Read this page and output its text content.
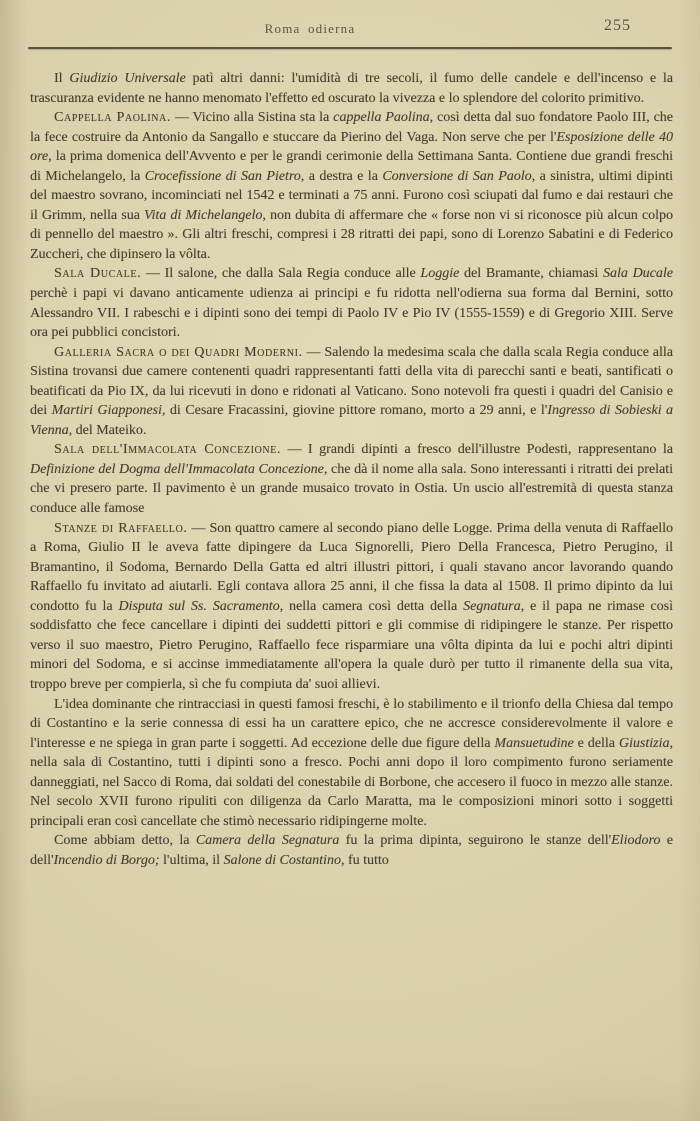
Roma odierna	255

Il Giudizio Universale patì altri danni: l'umidità di tre secoli, il fumo delle candele e dell'incenso e la trascuranza evidente ne hanno menomato l'effetto ed oscurato la vivezza e lo splendore del colorito primitivo.

Cappella Paolina. — Vicino alla Sistina sta la cappella Paolina, così detta dal suo fondatore Paolo III, che la fece costruire da Antonio da Sangallo e stuccare da Pierino del Vaga. Non serve che per l'Esposizione delle 40 ore, la prima domenica dell'Avvento e per le grandi cerimonie della Settimana Santa. Contiene due grandi freschi di Michelangelo, la Crocefissione di San Pietro, a destra e la Conversione di San Paolo, a sinistra, ultimi dipinti del maestro sovrano, incominciati nel 1542 e terminati a 75 anni. Furono così sciupati dal fumo e dai restauri che il Grimm, nella sua Vita di Michelangelo, non dubita di affermare che « forse non vi si riconosce più alcun colpo di pennello del maestro ». Gli altri freschi, compresi i 28 ritratti dei papi, sono di Lorenzo Sabatini e di Federico Zuccheri, che dipinsero la vôlta.

Sala Ducale. — Il salone, che dalla Sala Regia conduce alle Loggie del Bramante, chiamasi Sala Ducale perchè i papi vi davano anticamente udienza ai principi e fu ridotta nell'odierna sua forma dal Bernini, sotto Alessandro VII. I rabeschi e i dipinti sono dei tempi di Paolo IV e Pio IV (1555-1559) e di Gregorio XIII. Serve ora pei pubblici concistori.

Galleria Sacra o dei Quadri Moderni. — Salendo la medesima scala che dalla scala Regia conduce alla Sistina trovansi due camere contenenti quadri rappresentanti fatti della vita di parecchi santi e beati, santificati o beatificati da Pio IX, da lui ricevuti in dono e ridonati al Vaticano. Sono notevoli fra questi i quadri del Canisio e dei Martiri Giapponesi, di Cesare Fracassini, giovine pittore romano, morto a 29 anni, e l'Ingresso di Sobieski a Vienna, del Mateiko.

Sala dell'Immacolata Concezione. — I grandi dipinti a fresco dell'illustre Podesti, rappresentano la Definizione del Dogma dell'Immacolata Concezione, che dà il nome alla sala. Sono interessanti i ritratti dei prelati che vi presero parte. Il pavimento è un grande musaico trovato in Ostia. Un uscio all'estremità di questa stanza conduce alle famose

Stanze di Raffaello. — Son quattro camere al secondo piano delle Logge. Prima della venuta di Raffaello a Roma, Giulio II le aveva fatte dipingere da Luca Signorelli, Piero Della Francesca, Pietro Perugino, il Bramantino, il Sodoma, Bernardo Della Gatta ed altri illustri pittori, i quali stavano ancor lavorando quando Raffaello fu invitato ad aiutarli. Egli contava allora 25 anni, il che fissa la data al 1508. Il primo dipinto da lui condotto fu la Disputa sul Ss. Sacramento, nella camera così detta della Segnatura, e il papa ne rimase così soddisfatto che fece cancellare i dipinti dei suddetti pittori e gli commise di ridipingere le stanze. Per rispetto verso il suo maestro, Pietro Perugino, Raffaello fece risparmiare una vôlta dipinta da lui e pochi altri dipinti minori del Sodoma, e si accinse immediatamente all'opera la quale durò per tutto il rimanente della sua vita, troppo breve per compierla, sì che fu compiuta da' suoi allievi.

L'idea dominante che rintracciasi in questi famosi freschi, è lo stabilimento e il trionfo della Chiesa dal tempo di Costantino e la serie connessa di essi ha un carattere epico, che ne accresce considerevolmente il valore e l'interesse e ne spiega in gran parte i soggetti. Ad eccezione delle due figure della Mansuetudine e della Giustizia, nella sala di Costantino, tutti i dipinti sono a fresco. Pochi anni dopo il loro compimento furono seriamente danneggiati, nel Sacco di Roma, dai soldati del conestabile di Borbone, che accesero il fuoco in mezzo alle stanze. Nel secolo XVII furono ripuliti con diligenza da Carlo Maratta, ma le composizioni minori sotto i soggetti principali eran così cancellate che stimò necessario ridipingerne molte.

Come abbiam detto, la Camera della Segnatura fu la prima dipinta, seguirono le stanze dell'Eliodoro e dell'Incendio di Borgo; l'ultima, il Salone di Costantino, fu tutto
